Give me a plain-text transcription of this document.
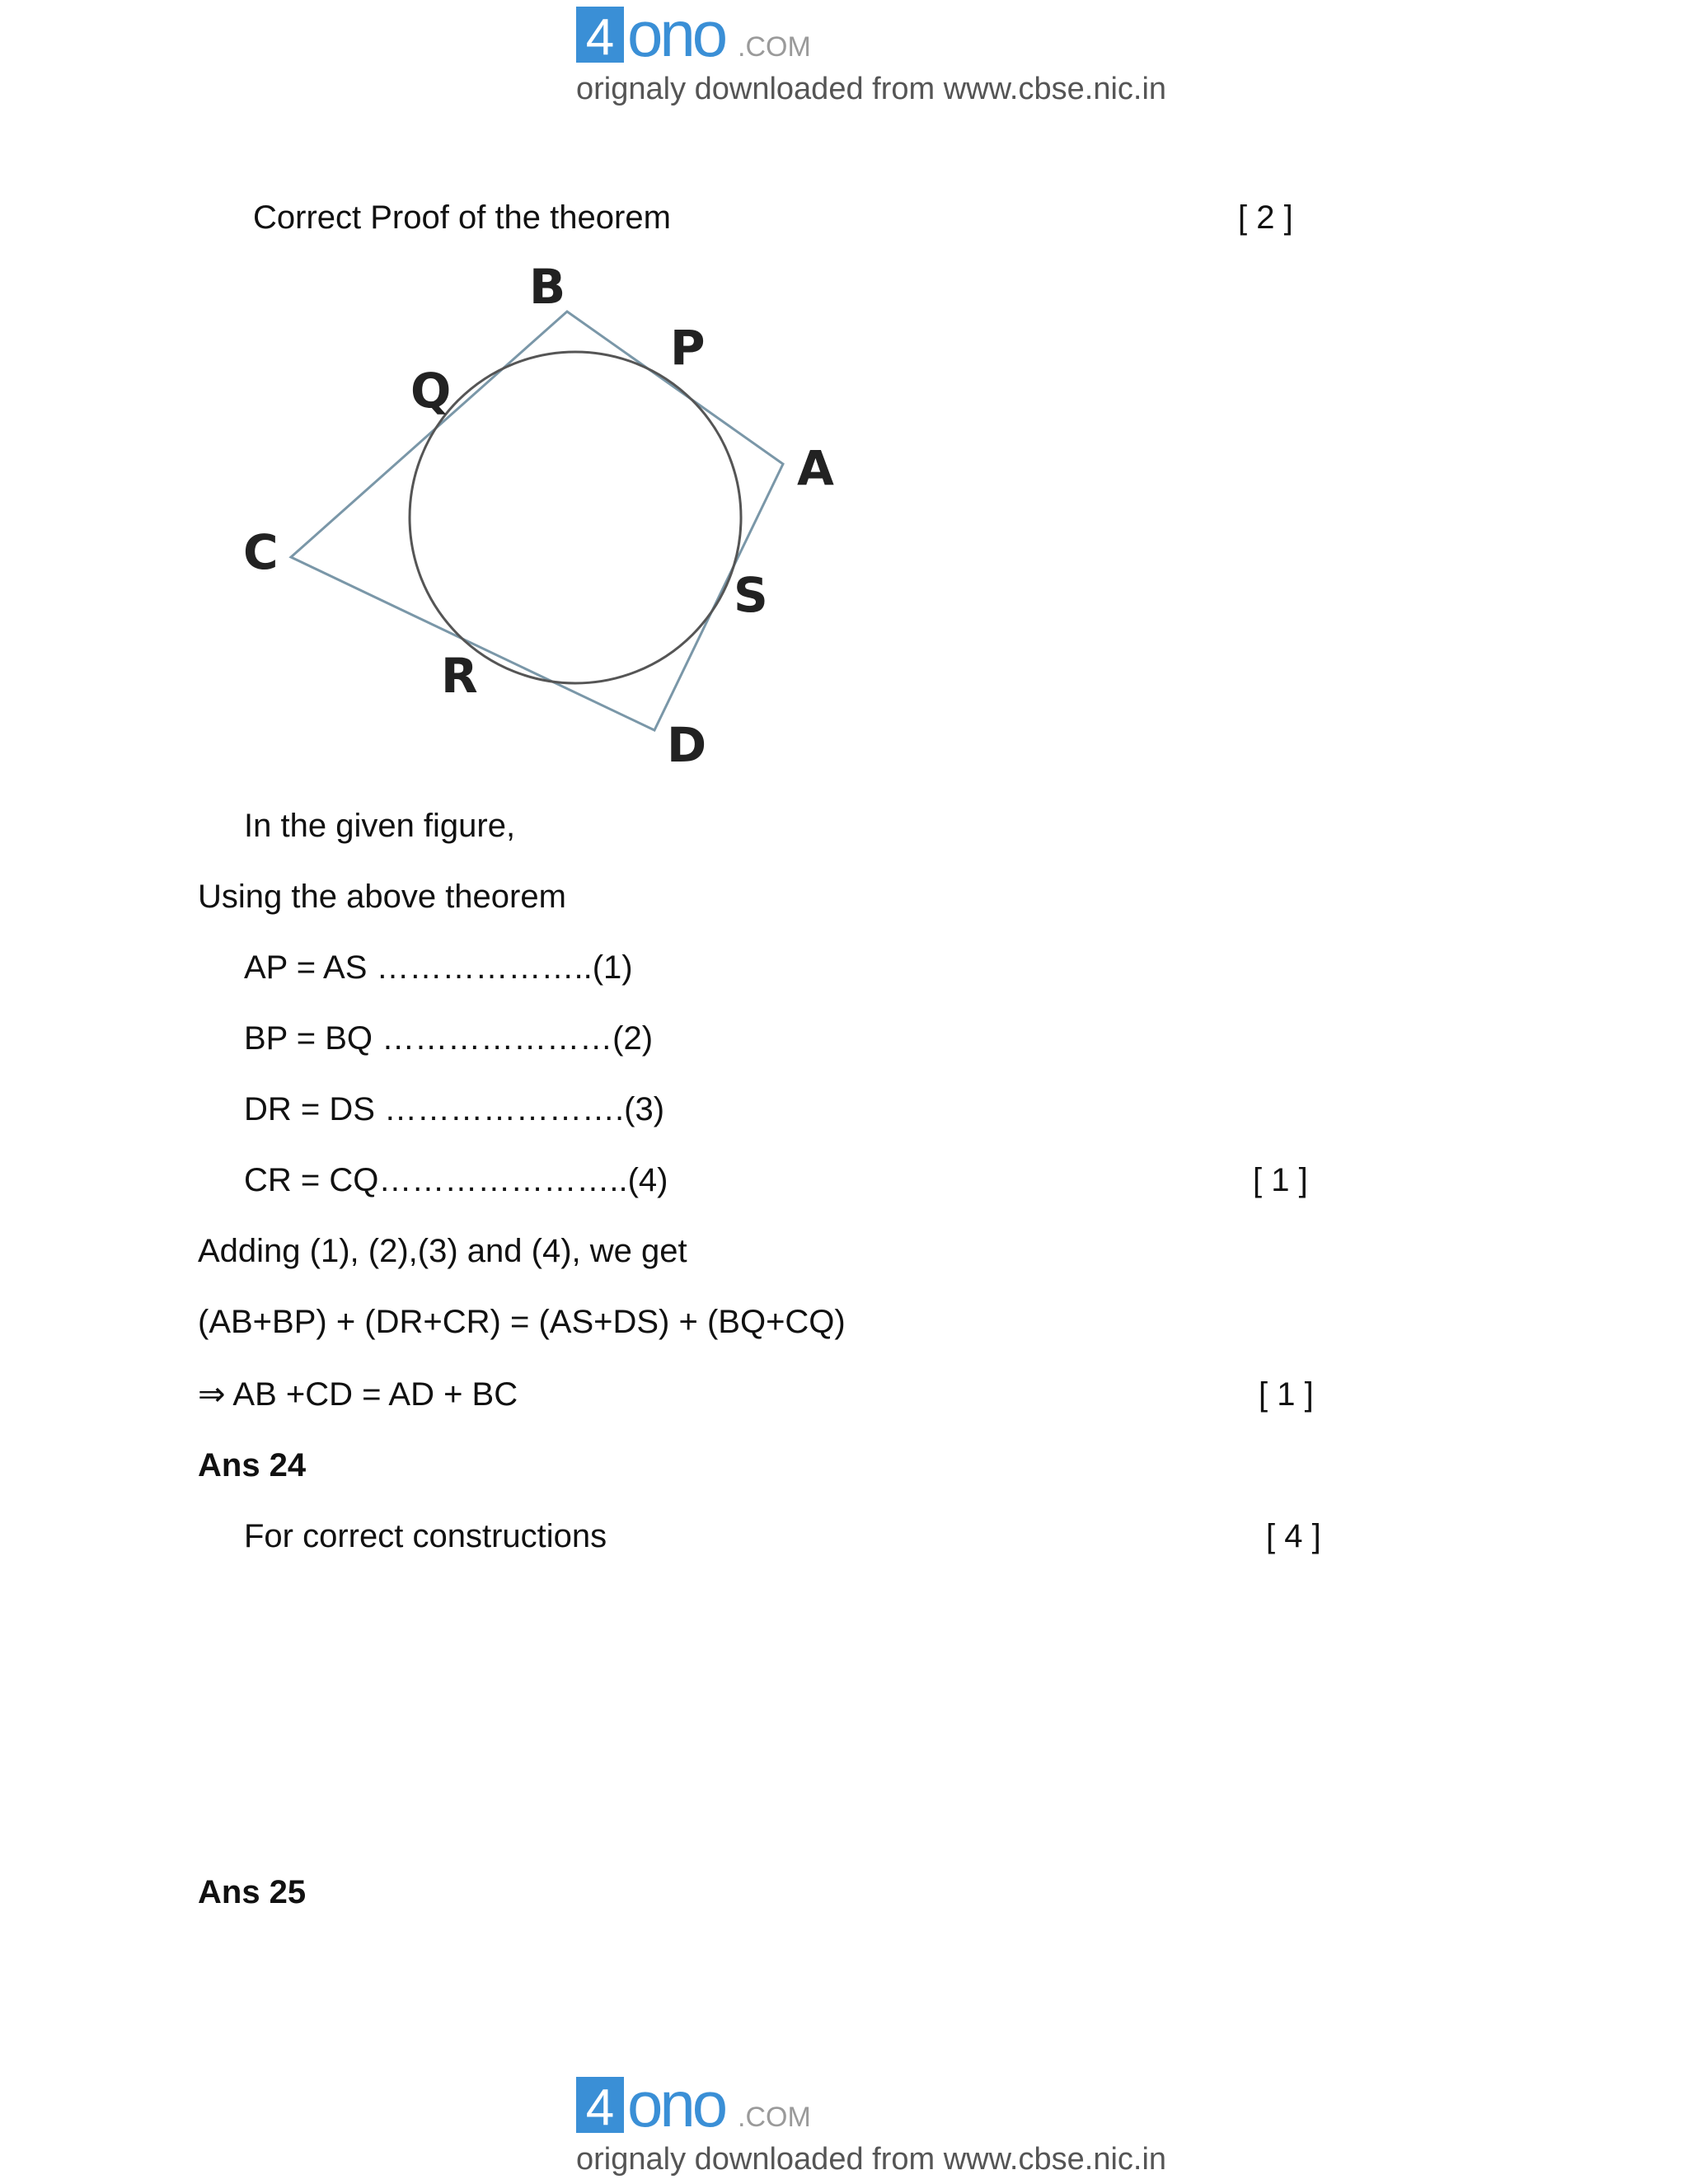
4 ono .COM
orignaly downloaded from www.cbse.nic.in
Correct Proof of the theorem	[ 2 ]
B
P
Q
A
C
S
R
D
In the given figure,
Using the above theorem
AP = AS ………………..(1)
BP = BQ …………………(2)
DR = DS ………………….(3)
CR = CQ…………………..(4)	[ 1 ]
Adding (1), (2),(3) and (4), we get
(AB+BP) + (DR+CR) = (AS+DS) + (BQ+CQ)
⇒ AB +CD = AD + BC	[ 1 ]
Ans 24
For correct constructions	[ 4 ]
Ans 25
4 ono .COM
orignaly downloaded from www.cbse.nic.in
